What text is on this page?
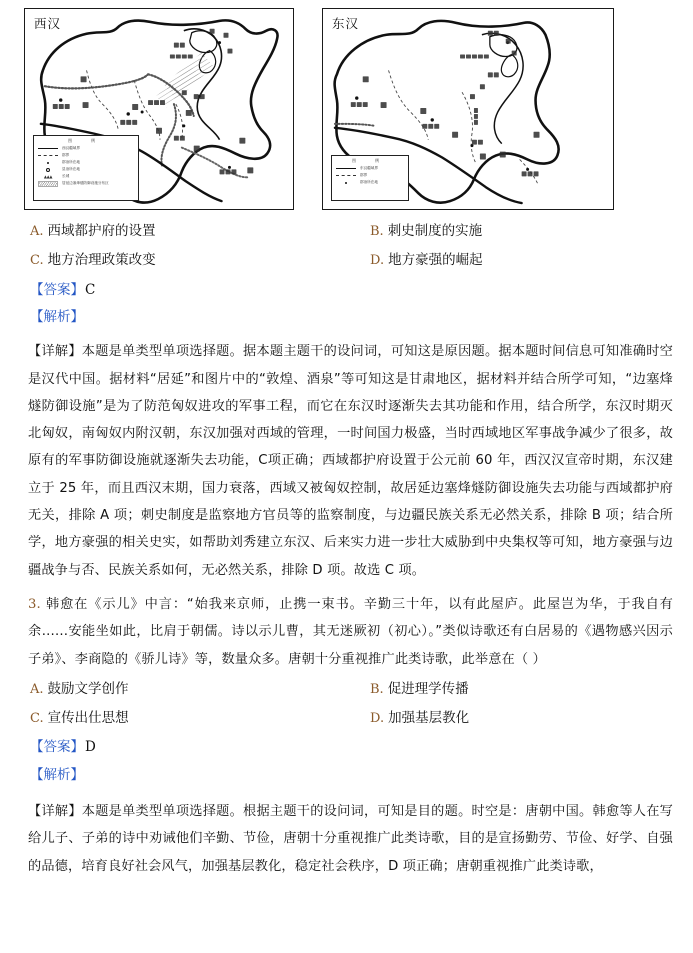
西汉
图 例
西汉疆域界
郡界
郡治所在地
县治所在地
▲▲▲	长城
居延边塞烽燧防御设施分布区
东汉
图 例
东汉疆域界
郡界
郡治所在地
A. 西域都护府的设置	B. 刺史制度的实施
C. 地方治理政策改变	D. 地方豪强的崛起
【答案】C
【解析】

【详解】本题是单类型单项选择题。据本题主题干的设问词，可知这是原因题。据本题时间信息可知准确时空是汉代中国。据材料“居延”和图片中的“敦煌、酒泉”等可知这是甘肃地区，据材料并结合所学可知，“边塞烽燧防御设施”是为了防范匈奴进攻的军事工程，而它在东汉时逐渐失去其功能和作用，结合所学，东汉时期灭北匈奴，南匈奴内附汉朝，东汉加强对西域的管理，一时间国力极盛，当时西域地区军事战争减少了很多，故原有的军事防御设施就逐渐失去功能，C项正确；西域都护府设置于公元前 60 年，西汉汉宣帝时期，东汉建立于 25 年，而且西汉末期，国力衰落，西域又被匈奴控制，故居延边塞烽燧防御设施失去功能与西域都护府无关，排除 A 项；刺史制度是监察地方官员等的监察制度，与边疆民族关系无必然关系，排除 B 项；结合所学，地方豪强的相关史实，如帮助刘秀建立东汉、后来实力进一步壮大威胁到中央集权等可知，地方豪强与边疆战争与否、民族关系如何，无必然关系，排除 D 项。故选 C 项。

3. 韩愈在《示儿》中言：“始我来京师，止携一束书。辛勤三十年，以有此屋庐。此屋岂为华，于我自有余……安能坐如此，比肩于朝儒。诗以示儿曹，其无迷厥初（初心）。”类似诗歌还有白居易的《遇物感兴因示子弟》、李商隐的《骄儿诗》等，数量众多。唐朝十分重视推广此类诗歌，此举意在（ ）

A. 鼓励文学创作	B. 促进理学传播
C. 宣传出仕思想	D. 加强基层教化
【答案】D
【解析】

【详解】本题是单类型单项选择题。根据主题干的设问词，可知是目的题。时空是：唐朝中国。韩愈等人在写给儿子、子弟的诗中劝诫他们辛勤、节俭，唐朝十分重视推广此类诗歌，目的是宣扬勤劳、节俭、好学、自强的品德，培育良好社会风气，加强基层教化，稳定社会秩序，D 项正确；唐朝重视推广此类诗歌，
